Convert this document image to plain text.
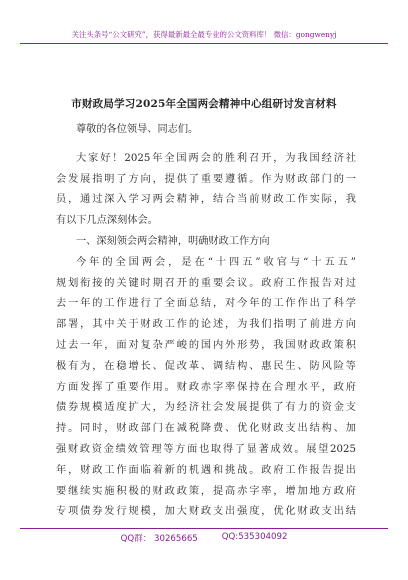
关注头条号“公文研究”，获得最新最全最专业的公文资料库！ 微信：gongwenyj
市财政局学习2025年全国两会精神中心组研讨发言材料
尊敬的各位领导、同志们。
大家好！2025年全国两会的胜利召开，为我国经济社
会发展指明了方向，提供了重要遵循。作为财政部门的一
员，通过深入学习两会精神，结合当前财政工作实际，我
有以下几点深刻体会。
一、深刻领会两会精神，明确财政工作方向
今年的全国两会，是在“十四五”收官与“十五五”
规划衔接的关键时期召开的重要会议。政府工作报告对过
去一年的工作进行了全面总结，对今年的工作作出了科学
部署，其中关于财政工作的论述，为我们指明了前进方向
过去一年，面对复杂严峻的国内外形势，我国财政政策积
极有为，在稳增长、促改革、调结构、惠民生、防风险等
方面发挥了重要作用。财政赤字率保持在合理水平，政府
债券规模适度扩大，为经济社会发展提供了有力的资金支
持。同时，财政部门在减税降费、优化财政支出结构、加
强财政资金绩效管理等方面也取得了显著成效。展望2025
年，财政工作面临着新的机遇和挑战。政府工作报告提出
要继续实施积极的财政政策，提高赤字率，增加地方政府
专项债券发行规模，加大财政支出强度，优化财政支出结
QQ群： 30265665	QQ:535304092
